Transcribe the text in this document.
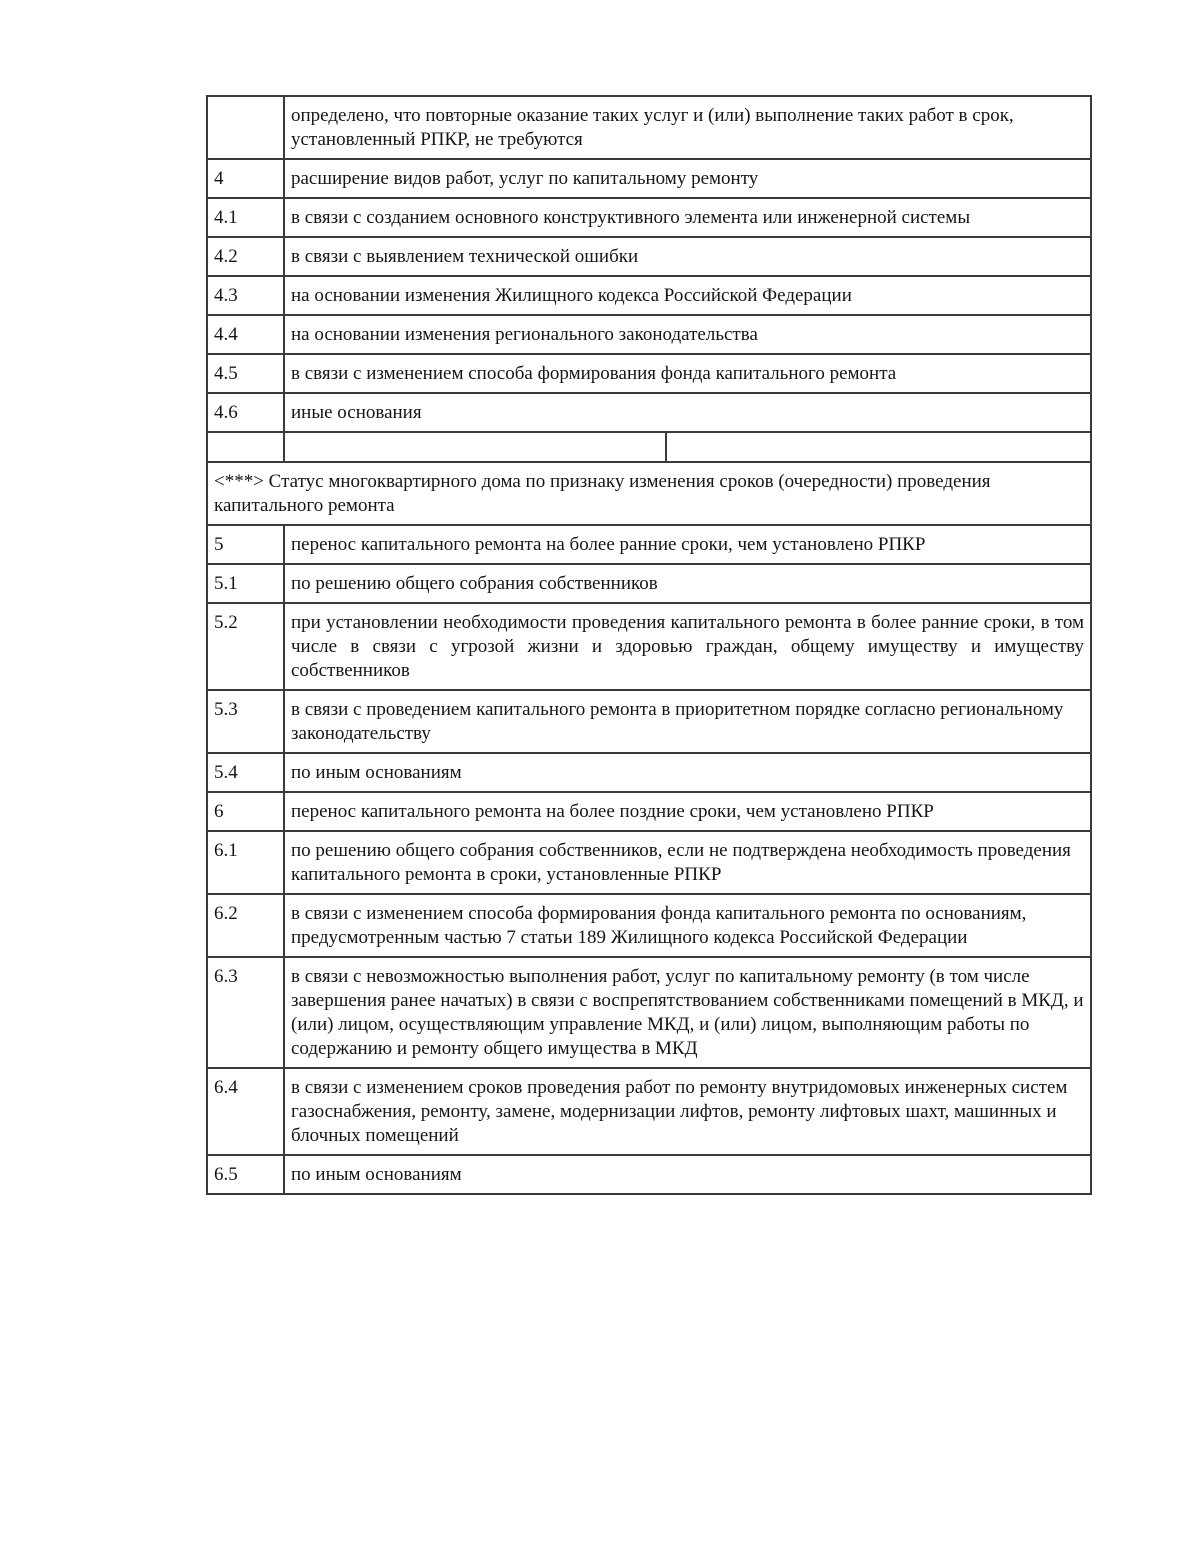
	определено, что повторные оказание таких услуг и (или) выполнение таких работ в срок, установленный РПКР, не требуются	
4	расширение видов работ, услуг по капитальному ремонту	
4.1	в связи с созданием основного конструктивного элемента или инженерной системы	
4.2	в связи с выявлением технической ошибки	
4.3	на основании изменения Жилищного кодекса Российской Федерации	
4.4	на основании изменения регионального законодательства	
4.5	в связи с изменением способа формирования фонда капитального ремонта	
4.6	иные основания	

<***> Статус многоквартирного дома по признаку изменения сроков (очередности) проведения капитального ремонта		
5	перенос капитального ремонта на более ранние сроки, чем установлено РПКР	
5.1	по решению общего собрания собственников	
5.2	при установлении необходимости проведения капитального ремонта в более ранние сроки, в том числе в связи с угрозой жизни и здоровью граждан, общему имуществу и имуществу собственников	
5.3	в связи с проведением капитального ремонта в приоритетном порядке согласно региональному законодательству	
5.4	по иным основаниям	
6	перенос капитального ремонта на более поздние сроки, чем установлено РПКР	
6.1	по решению общего собрания собственников, если не подтверждена необходимость проведения капитального ремонта в сроки, установленные РПКР	
6.2	в связи с изменением способа формирования фонда капитального ремонта по основаниям, предусмотренным частью 7 статьи 189 Жилищного кодекса Российской Федерации	
6.3	в связи с невозможностью выполнения работ, услуг по капитальному ремонту (в том числе завершения ранее начатых) в связи с воспрепятствованием собственниками помещений в МКД, и (или) лицом, осуществляющим управление МКД, и (или) лицом, выполняющим работы по содержанию и ремонту общего имущества в МКД	
6.4	в связи с изменением сроков проведения работ по ремонту внутридомовых инженерных систем газоснабжения, ремонту, замене, модернизации лифтов, ремонту лифтовых шахт, машинных и блочных помещений	
6.5	по иным основаниям	
